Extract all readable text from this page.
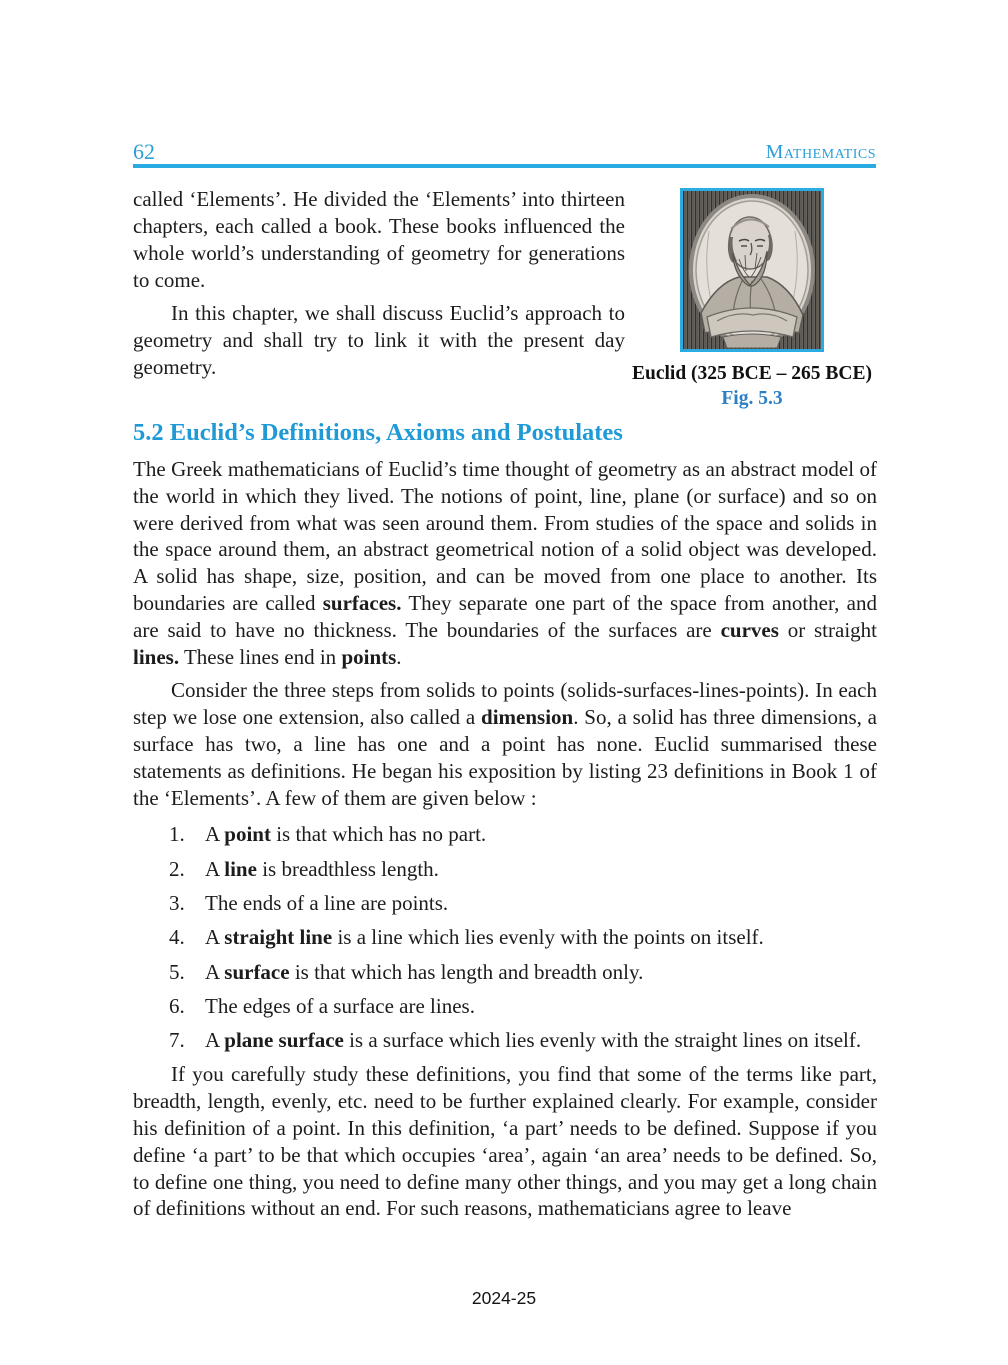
62	Mathematics

called ‘Elements’. He divided the ‘Elements’ into thirteen chapters, each called a book. These books influenced the whole world’s understanding of geometry for generations to come.

In this chapter, we shall discuss Euclid’s approach to geometry and shall try to link it with the present day geometry.	Euclid (325 BCE – 265 BCE)
Fig. 5.3
5.2 Euclid’s Definitions, Axioms and Postulates

The Greek mathematicians of Euclid’s time thought of geometry as an abstract model of the world in which they lived. The notions of point, line, plane (or surface) and so on were derived from what was seen around them. From studies of the space and solids in the space around them, an abstract geometrical notion of a solid object was developed. A solid has shape, size, position, and can be moved from one place to another. Its boundaries are called surfaces. They separate one part of the space from another, and are said to have no thickness. The boundaries of the surfaces are curves or straight lines. These lines end in points.

Consider the three steps from solids to points (solids-surfaces-lines-points). In each step we lose one extension, also called a dimension. So, a solid has three dimensions, a surface has two, a line has one and a point has none. Euclid summarised these statements as definitions. He began his exposition by listing 23 definitions in Book 1 of the ‘Elements’. A few of them are given below :

1. A point is that which has no part.
2. A line is breadthless length.
3. The ends of a line are points.
4. A straight line is a line which lies evenly with the points on itself.
5. A surface is that which has length and breadth only.
6. The edges of a surface are lines.
7. A plane surface is a surface which lies evenly with the straight lines on itself.

If you carefully study these definitions, you find that some of the terms like part, breadth, length, evenly, etc. need to be further explained clearly. For example, consider his definition of a point. In this definition, ‘a part’ needs to be defined. Suppose if you define ‘a part’ to be that which occupies ‘area’, again ‘an area’ needs to be defined. So, to define one thing, you need to define many other things, and you may get a long chain of definitions without an end. For such reasons, mathematicians agree to leave

2024-25
